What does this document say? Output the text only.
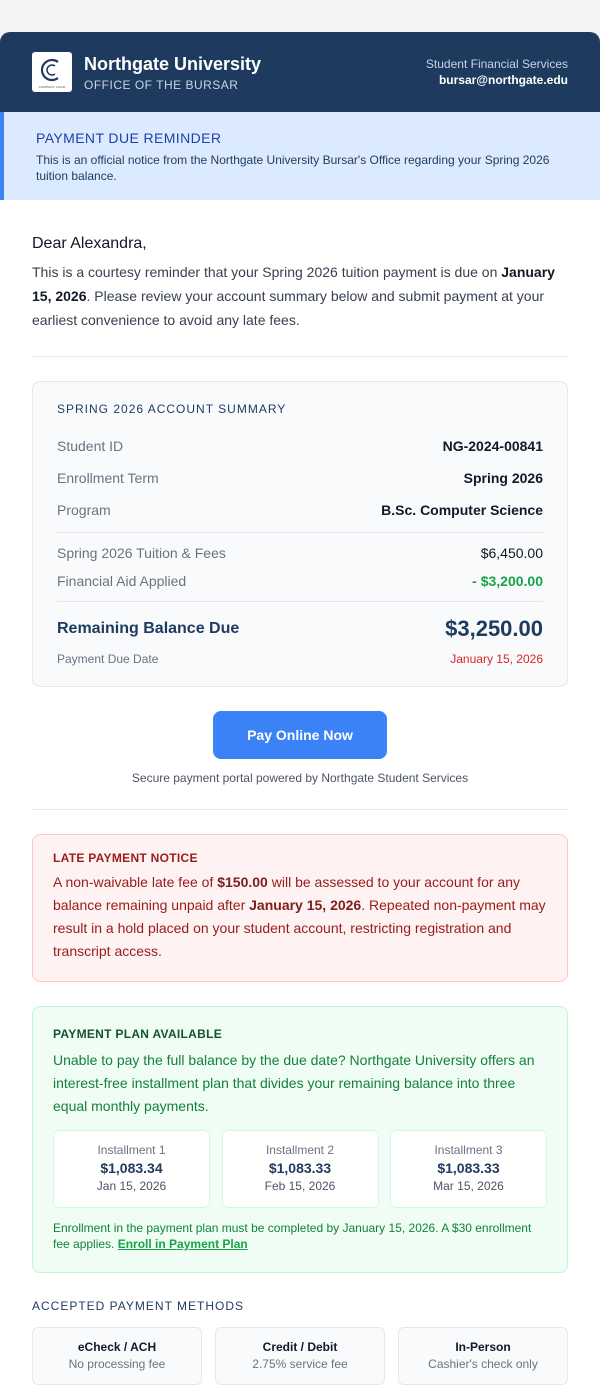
COMPANY LOGO
Northgate University
OFFICE OF THE BURSAR
Student Financial Services
bursar@northgate.edu
PAYMENT DUE REMINDER
This is an official notice from the Northgate University Bursar's Office regarding your Spring 2026 tuition balance.
Dear Alexandra,

This is a courtesy reminder that your Spring 2026 tuition payment is due on January 15, 2026. Please review your account summary below and submit payment at your earliest convenience to avoid any late fees.

SPRING 2026 ACCOUNT SUMMARY
Student ID	NG-2024-00841
Enrollment Term	Spring 2026
Program	B.Sc. Computer Science
Spring 2026 Tuition & Fees	$6,450.00
Financial Aid Applied	- $3,200.00
Remaining Balance Due	$3,250.00
Payment Due Date	January 15, 2026
Pay Online Now
Secure payment portal powered by Northgate Student Services
LATE PAYMENT NOTICE

A non-waivable late fee of $150.00 will be assessed to your account for any balance remaining unpaid after January 15, 2026. Repeated non-payment may result in a hold placed on your student account, restricting registration and transcript access.

PAYMENT PLAN AVAILABLE

Unable to pay the full balance by the due date? Northgate University offers an interest-free installment plan that divides your remaining balance into three equal monthly payments.

Installment 1
$1,083.34
Jan 15, 2026
Installment 2
$1,083.33
Feb 15, 2026
Installment 3
$1,083.33
Mar 15, 2026

Enrollment in the payment plan must be completed by January 15, 2026. A $30 enrollment fee applies. Enroll in Payment Plan

ACCEPTED PAYMENT METHODS
eCheck / ACH
No processing fee
Credit / Debit
2.75% service fee
In-Person
Cashier's check only
